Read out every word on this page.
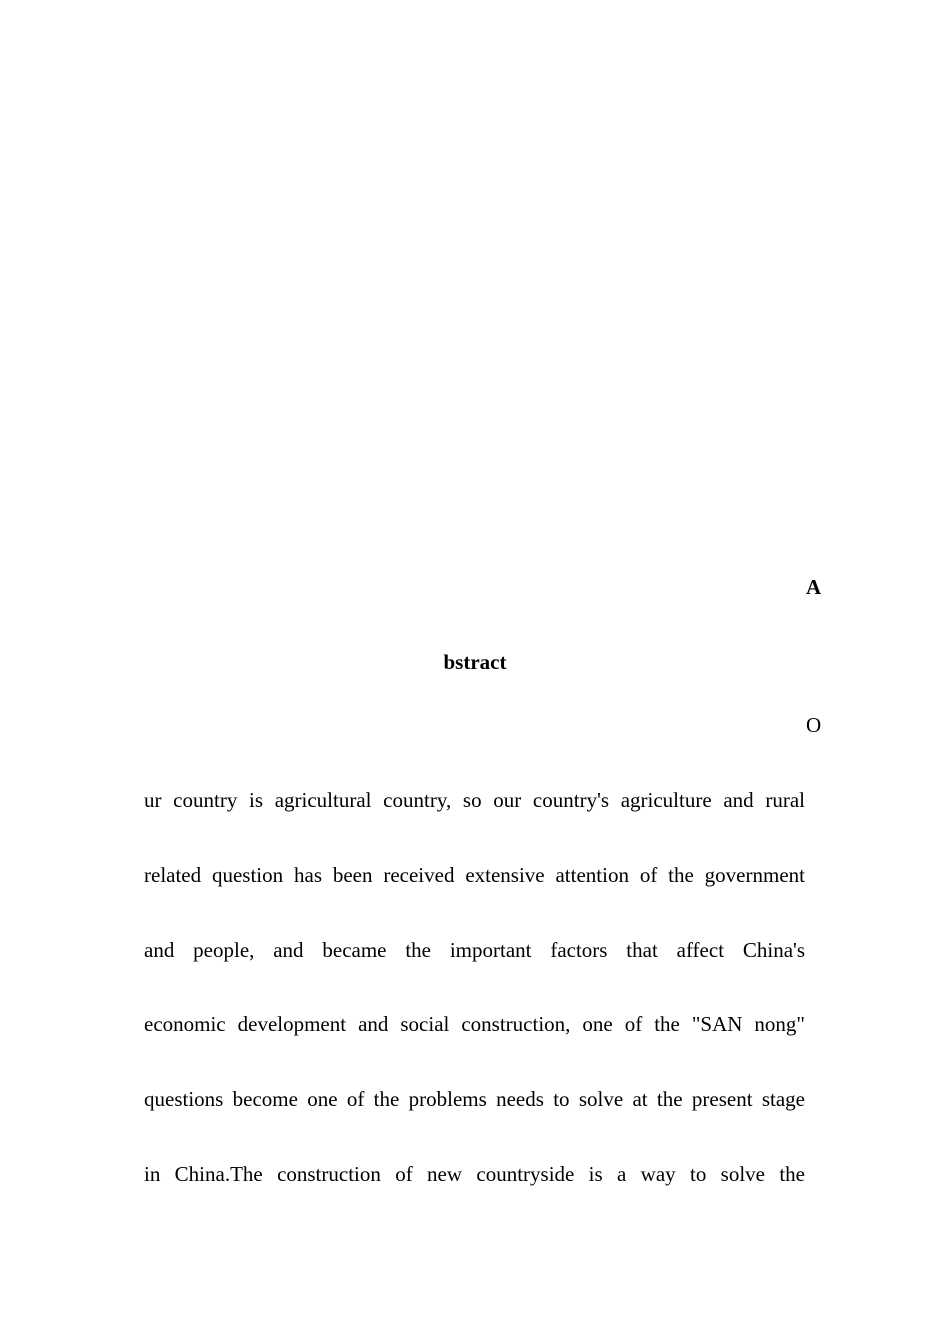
A
bstract
O
ur country is agricultural country, so our country's agriculture and rural
related question has been received extensive attention of the government
and people, and became the important factors that affect China's
economic development and social construction, one of the "SAN nong"
questions become one of the problems needs to solve at the present stage
in China.The construction of new countryside is a way to solve the
